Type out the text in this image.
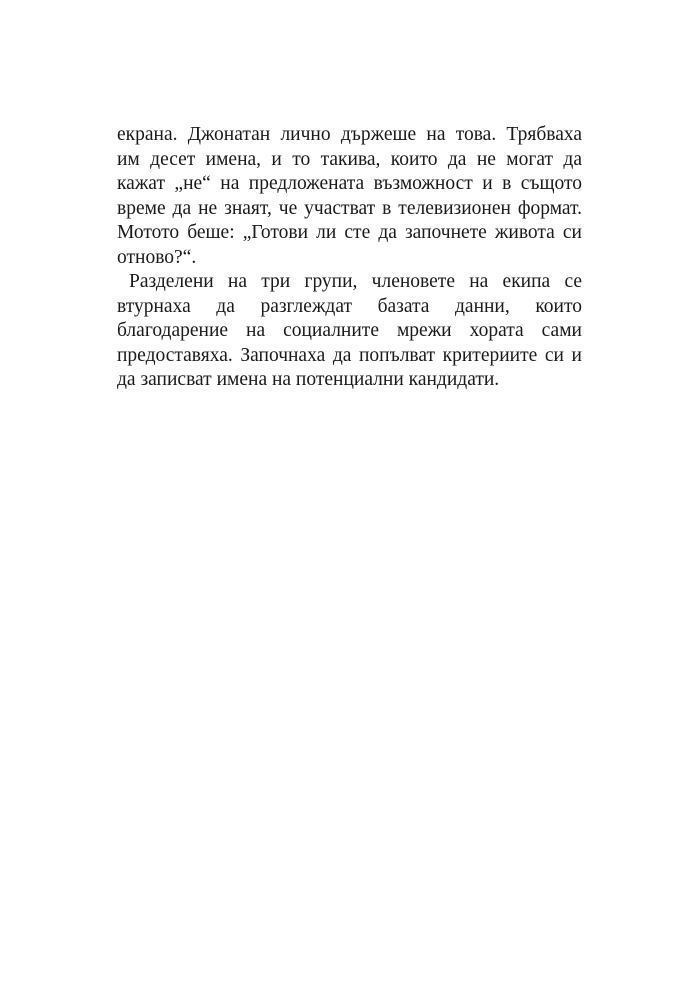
екрана. Джонатан лично държеше на това. Трябваха
им десет имена, и то такива, които да не могат да
кажат „не“ на предложената възможност и в същото
време да не знаят, че участват в телевизионен формат.
Мотото беше: „Готови ли сте да започнете живота си
отново?“.
Разделени на три групи, членовете на екипа се
втурнаха да разглеждат базата данни, които
благодарение на социалните мрежи хората сами
предоставяха. Започнаха да попълват критериите си и
да записват имена на потенциални кандидати.
